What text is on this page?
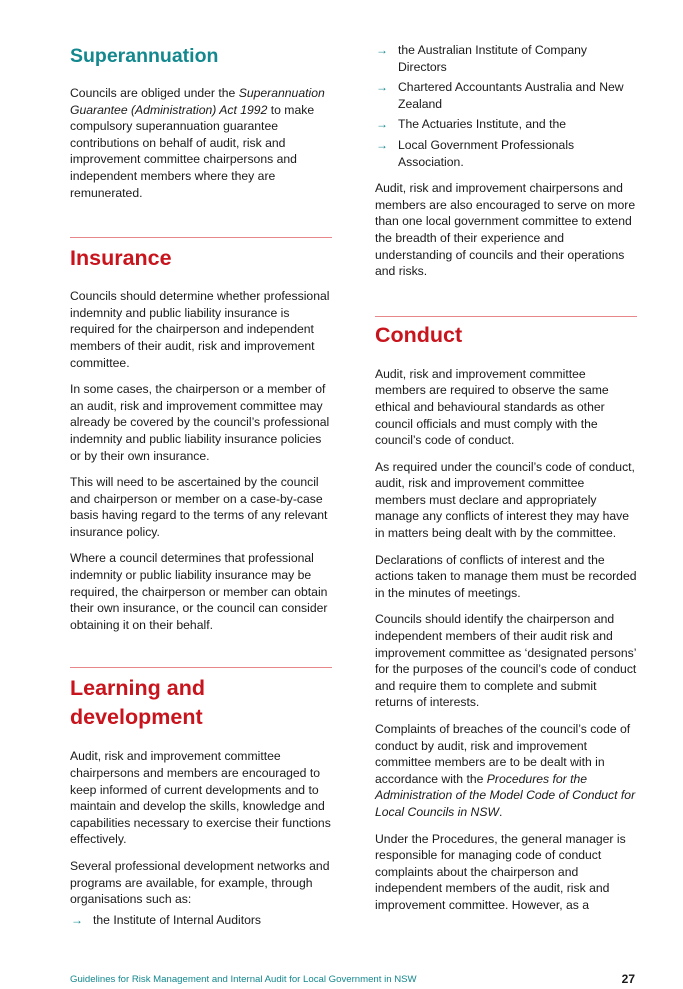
Superannuation

Councils are obliged under the Superannuation Guarantee (Administration) Act 1992 to make compulsory superannuation guarantee contributions on behalf of audit, risk and improvement committee chairpersons and independent members where they are remunerated.

Insurance

Councils should determine whether professional indemnity and public liability insurance is required for the chairperson and independent members of their audit, risk and improvement committee.

In some cases, the chairperson or a member of an audit, risk and improvement committee may already be covered by the council’s professional indemnity and public liability insurance policies or by their own insurance.

This will need to be ascertained by the council and chairperson or member on a case-by-case basis having regard to the terms of any relevant insurance policy.

Where a council determines that professional indemnity or public liability insurance may be required, the chairperson or member can obtain their own insurance, or the council can consider obtaining it on their behalf.

Learning and
development

Audit, risk and improvement committee chairpersons and members are encouraged to keep informed of current developments and to maintain and develop the skills, knowledge and capabilities necessary to exercise their functions effectively.

Several professional development networks and programs are available, for example, through organisations such as:

→ the Institute of Internal Auditors
→ the Australian Institute of Company Directors
→ Chartered Accountants Australia and New Zealand
→ The Actuaries Institute, and the
→ Local Government Professionals Association.

Audit, risk and improvement chairpersons and members are also encouraged to serve on more than one local government committee to extend the breadth of their experience and understanding of councils and their operations and risks.

Conduct

Audit, risk and improvement committee members are required to observe the same ethical and behavioural standards as other council officials and must comply with the council’s code of conduct.

As required under the council’s code of conduct, audit, risk and improvement committee members must declare and appropriately manage any conflicts of interest they may have in matters being dealt with by the committee.

Declarations of conflicts of interest and the actions taken to manage them must be recorded in the minutes of meetings.

Councils should identify the chairperson and independent members of their audit risk and improvement committee as ‘designated persons’ for the purposes of the council’s code of conduct and require them to complete and submit returns of interests.

Complaints of breaches of the council’s code of conduct by audit, risk and improvement committee members are to be dealt with in accordance with the Procedures for the Administration of the Model Code of Conduct for Local Councils in NSW.

Under the Procedures, the general manager is responsible for managing code of conduct complaints about the chairperson and independent members of the audit, risk and improvement committee. However, as a

Guidelines for Risk Management and Internal Audit for Local Government in NSW	27
